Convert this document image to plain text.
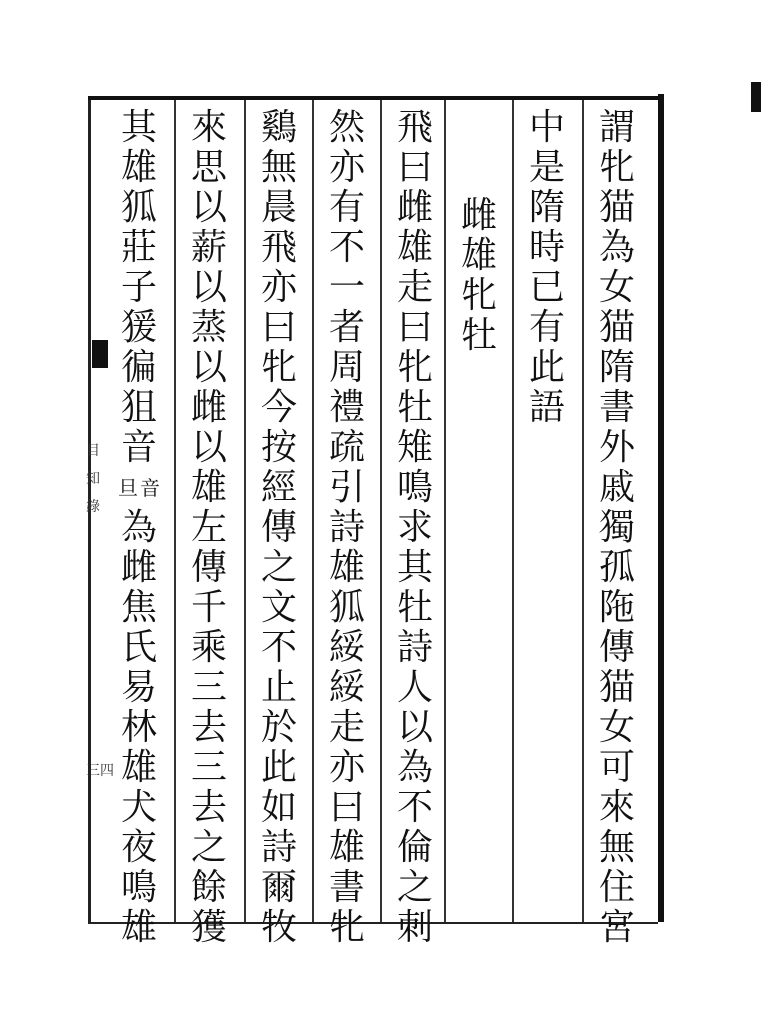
謂
牝
猫
為
女
猫
隋
書
外
戚
獨
孤
陁
傳
猫
女
可
來
無
住
宮
中
是
隋
時
已
有
此
語
雌
雄
牝
牡
飛
曰
雌
雄
走
曰
牝
牡
雉
鳴
求
其
牡
詩
人
以
為
不
倫
之
刺
然
亦
有
不
一
者
周
禮
疏
引
詩
雄
狐
綏
綏
走
亦
曰
雄
書
牝
鷄
無
晨
飛
亦
曰
牝
今
按
經
傳
之
文
不
止
於
此
如
詩
爾
牧
來
思
以
薪
以
蒸
以
雌
以
雄
左
傳
千
乘
三
去
三
去
之
餘
獲
其
雄
狐
莊
子
猨
徧
狙
音
旦 音
為
雌
焦
氏
易
林
雄
犬
夜
鳴
雄
目
知
錄
三四
